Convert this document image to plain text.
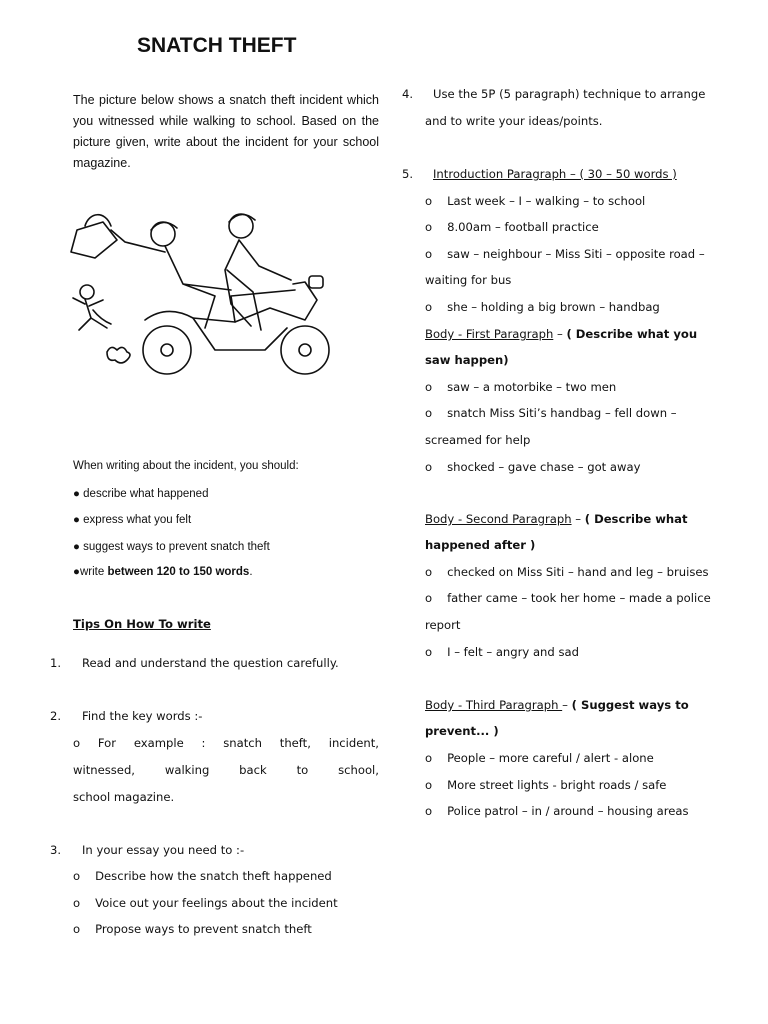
SNATCH THEFT
The picture below shows a snatch theft incident which you witnessed while walking to school. Based on the picture given, write about the incident for your school magazine.
When writing about the incident, you should:
● describe what happened
● express what you felt
● suggest ways to prevent snatch theft
●write between 120 to 150 words.
Tips On How To write
1. Read and understand the question carefully.
2. Find the key words :-
o For example : snatch theft, incident,
witnessed,	walking	back	to	school,
school magazine.
3. In your essay you need to :-
o Describe how the snatch theft happened
o Voice out your feelings about the incident
o Propose ways to prevent snatch theft
4. Use the 5P (5 paragraph) technique to arrange
and to write your ideas/points.
5. Introduction Paragraph – ( 30 – 50 words )
o Last week – I – walking – to school
o 8.00am – football practice
o saw – neighbour – Miss Siti – opposite road –
waiting for bus
o she – holding a big brown – handbag
Body - First Paragraph – ( Describe what you
saw happen)
o saw – a motorbike – two men
o snatch Miss Siti’s handbag – fell down –
screamed for help
o shocked – gave chase – got away
Body - Second Paragraph – ( Describe what
happened after )
o checked on Miss Siti – hand and leg – bruises
o father came – took her home – made a police
report
o I – felt – angry and sad
Body - Third Paragraph – ( Suggest ways to
prevent... )
o People – more careful / alert - alone
o More street lights - bright roads / safe
o Police patrol – in / around – housing areas
